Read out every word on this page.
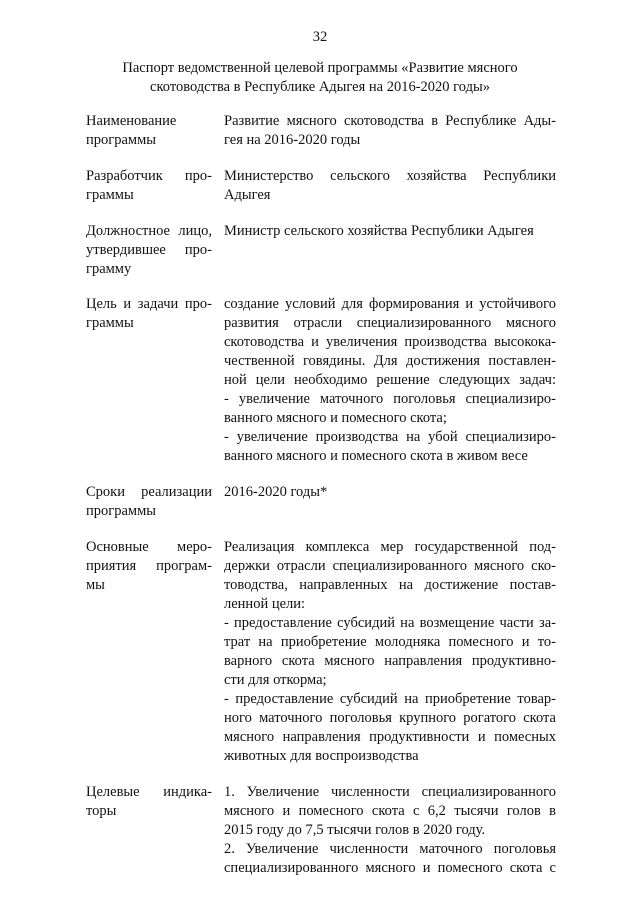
32
Паспорт ведомственной целевой программы «Развитие мясного
скотоводства в Республике Адыгея на 2016-2020 годы»
Наименование
программы
Развитие мясного скотоводства в Республике Ады-
гея на 2016-2020 годы
Разработчик про-
граммы
Министерство сельского хозяйства Республики
Адыгея
Должностное лицо,
утвердившее про-
грамму
Министр сельского хозяйства Республики Адыгея
Цель и задачи про-
граммы
создание условий для формирования и устойчивого
развития отрасли специализированного мясного
скотоводства и увеличения производства высокока-
чественной говядины. Для достижения поставлен-
ной цели необходимо решение следующих задач:
- увеличение маточного поголовья специализиро-
ванного мясного и помесного скота;
- увеличение производства на убой специализиро-
ванного мясного и помесного скота в живом весе
Сроки реализации
программы
2016-2020 годы*
Основные меро-
приятия програм-
мы
Реализация комплекса мер государственной под-
держки отрасли специализированного мясного ско-
товодства, направленных на достижение постав-
ленной цели:
- предоставление субсидий на возмещение части за-
трат на приобретение молодняка помесного и то-
варного скота мясного направления продуктивно-
сти для откорма;
- предоставление субсидий на приобретение товар-
ного маточного поголовья крупного рогатого скота
мясного направления продуктивности и помесных
животных для воспроизводства
Целевые индика-
торы
1. Увеличение численности специализированного
мясного и помесного скота с 6,2 тысячи голов в
2015 году до 7,5 тысячи голов в 2020 году.
2. Увеличение численности маточного поголовья
специализированного мясного и помесного скота с
